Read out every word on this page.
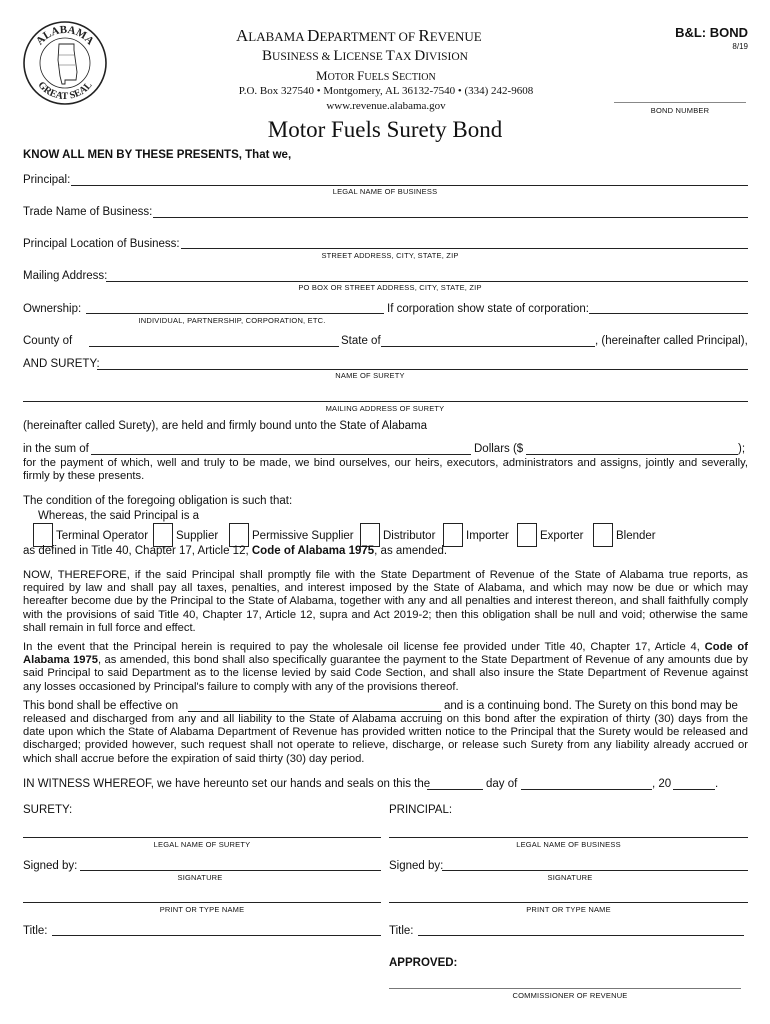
ALABAMA
GREAT SEAL
ALABAMA DEPARTMENT OF REVENUE
BUSINESS & LICENSE TAX DIVISION
MOTOR FUELS SECTION
P.O. Box 327540 • Montgomery, AL 36132-7540 • (334) 242-9608
www.revenue.alabama.gov
B&L: BOND
8/19
BOND NUMBER
Motor Fuels Surety Bond
KNOW ALL MEN BY THESE PRESENTS, That we,
Principal:
LEGAL NAME OF BUSINESS
Trade Name of Business:
Principal Location of Business:
STREET ADDRESS, CITY, STATE, ZIP
Mailing Address:
PO BOX OR STREET ADDRESS, CITY, STATE, ZIP
Ownership:
INDIVIDUAL, PARTNERSHIP, CORPORATION, ETC.
If corporation show state of corporation:
County of	State of	, (hereinafter called Principal),
AND SURETY:
NAME OF SURETY
MAILING ADDRESS OF SURETY
(hereinafter called Surety), are held and firmly bound unto the State of Alabama
in the sum of	Dollars ($	);
for the payment of which, well and truly to be made, we bind ourselves, our heirs, executors, administrators and assigns, jointly and severally, firmly by these presents.
The condition of the foregoing obligation is such that:
Whereas, the said Principal is a
Terminal Operator Supplier	Permissive Supplier	Distributor	Importer	Exporter	Blender
as defined in Title 40, Chapter 17, Article 12, Code of Alabama 1975, as amended.
NOW, THEREFORE, if the said Principal shall promptly file with the State Department of Revenue of the State of Alabama true reports, as required by law and shall pay all taxes, penalties, and interest imposed by the State of Alabama, and which may now be due or which may hereafter become due by the Principal to the State of Alabama, together with any and all penalties and interest thereon, and shall faithfully comply with the provisions of said Title 40, Chapter 17, Article 12, supra and Act 2019-2; then this obligation shall be null and void; otherwise the same shall remain in full force and effect.
In the event that the Principal herein is required to pay the wholesale oil license fee provided under Title 40, Chapter 17, Article 4, Code of Alabama 1975, as amended, this bond shall also specifically guarantee the payment to the State Department of Revenue of any amounts due by said Principal to said Department as to the license levied by said Code Section, and shall also insure the State Department of Revenue against any losses occasioned by Principal's failure to comply with any of the provisions thereof.
This bond shall be effective on	and is a continuing bond. The Surety on this bond may be
released and discharged from any and all liability to the State of Alabama accruing on this bond after the expiration of thirty (30) days from the date upon which the State of Alabama Department of Revenue has provided written notice to the Principal that the Surety would be released and discharged; provided however, such request shall not operate to relieve, discharge, or release such Surety from any liability already accrued or which shall accrue before the expiration of said thirty (30) day period.
IN WITNESS WHEREOF, we have hereunto set our hands and seals on this the	day of	, 20	.
SURETY:	PRINCIPAL:
LEGAL NAME OF SURETY	LEGAL NAME OF BUSINESS
Signed by:
SIGNATURE
Signed by:
SIGNATURE
PRINT OR TYPE NAME	PRINT OR TYPE NAME
Title:	Title:
APPROVED:
COMMISSIONER OF REVENUE
